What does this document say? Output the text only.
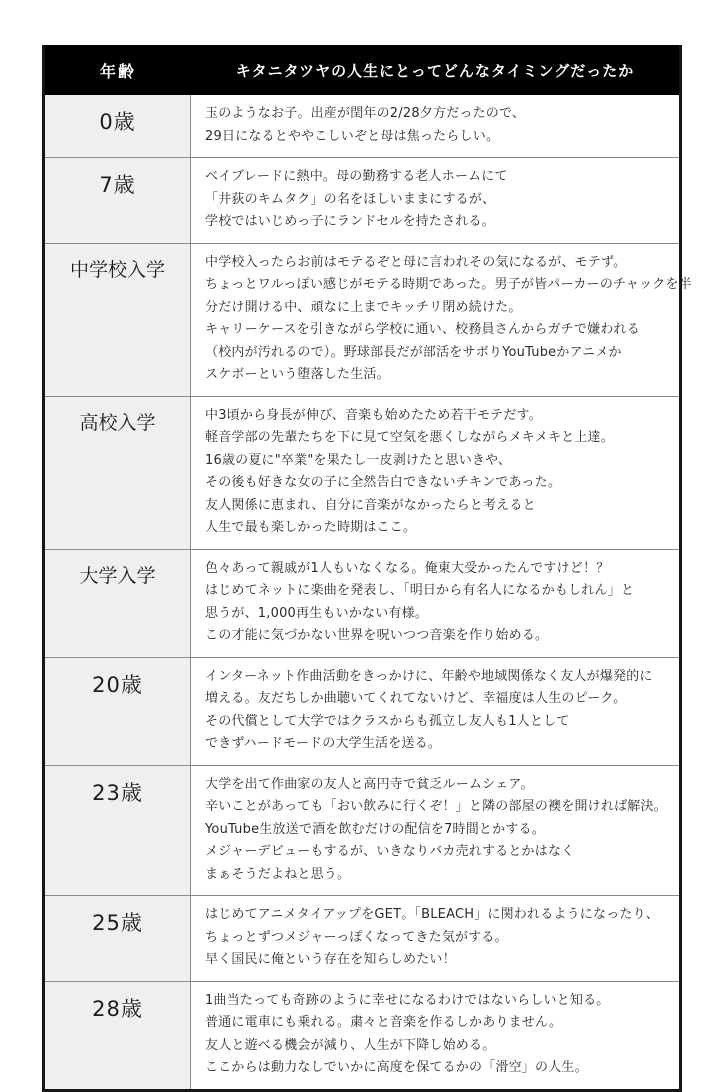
年齢	キタニタツヤの人生にとってどんなタイミングだったか
0歳	玉のようなお子。出産が閏年の2/28夕方だったので、
29日になるとややこしいぞと母は焦ったらしい。
7歳	ベイブレードに熱中。母の勤務する老人ホームにて
「井荻のキムタク」の名をほしいままにするが、
学校ではいじめっ子にランドセルを持たされる。
中学校入学	中学校入ったらお前はモテるぞと母に言われその気になるが、モテず。
ちょっとワルっぽい感じがモテる時期であった。男子が皆パーカーのチャックを半
分だけ開ける中、頑なに上までキッチリ閉め続けた。
キャリーケースを引きながら学校に通い、校務員さんからガチで嫌われる
（校内が汚れるので）。野球部長だが部活をサボりYouTubeかアニメか
スケボーという堕落した生活。
高校入学	中3頃から身長が伸び、音楽も始めたため若干モテだす。
軽音学部の先輩たちを下に見て空気を悪くしながらメキメキと上達。
16歳の夏に"卒業"を果たし一皮剥けたと思いきや、
その後も好きな女の子に全然告白できないチキンであった。
友人関係に恵まれ、自分に音楽がなかったらと考えると
人生で最も楽しかった時期はここ。
大学入学	色々あって親戚が1人もいなくなる。俺東大受かったんですけど！？
はじめてネットに楽曲を発表し、「明日から有名人になるかもしれん」と
思うが、1,000再生もいかない有様。
この才能に気づかない世界を呪いつつ音楽を作り始める。
20歳	インターネット作曲活動をきっかけに、年齢や地域関係なく友人が爆発的に
増える。友だちしか曲聴いてくれてないけど、幸福度は人生のピーク。
その代償として大学ではクラスからも孤立し友人も1人として
できずハードモードの大学生活を送る。
23歳	大学を出て作曲家の友人と高円寺で貧乏ルームシェア。
辛いことがあっても「おい飲みに行くぞ！」と隣の部屋の襖を開ければ解決。
YouTube生放送で酒を飲むだけの配信を7時間とかする。
メジャーデビューもするが、いきなりバカ売れするとかはなく
まぁそうだよねと思う。
25歳	はじめてアニメタイアップをGET。「BLEACH」に関われるようになったり、
ちょっとずつメジャーっぽくなってきた気がする。
早く国民に俺という存在を知らしめたい！
28歳	1曲当たっても奇跡のように幸せになるわけではないらしいと知る。
普通に電車にも乗れる。粛々と音楽を作るしかありません。
友人と遊べる機会が減り、人生が下降し始める。
ここからは動力なしでいかに高度を保てるかの「滑空」の人生。
